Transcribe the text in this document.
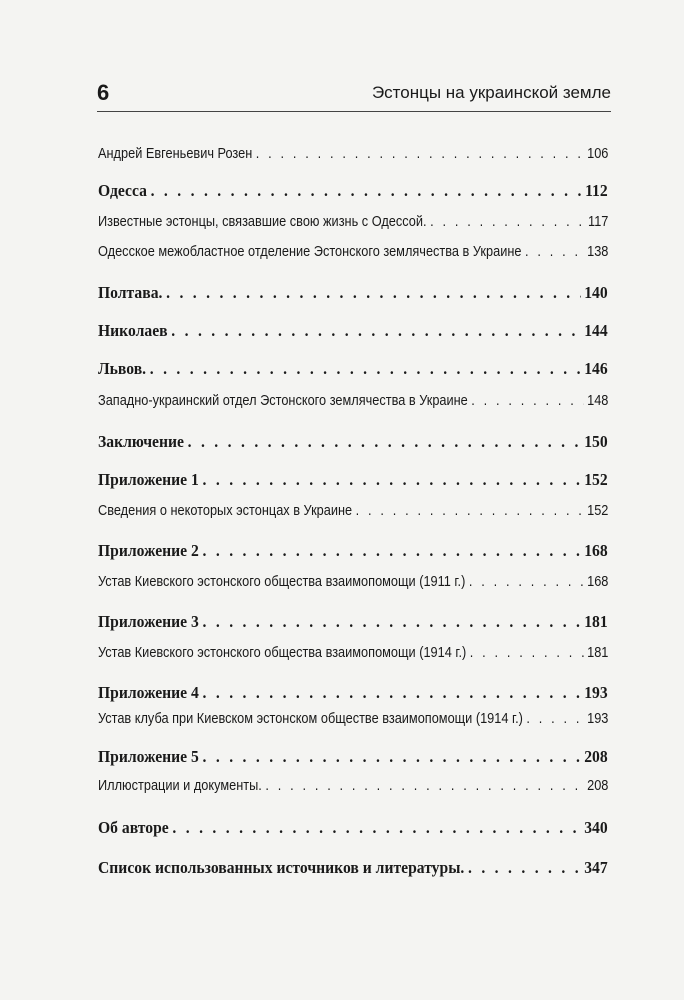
6	Эстонцы на украинской земле
Андрей Евгеньевич Розен . . .	106
Одесса . . .	112
Известные эстонцы, связавшие свою жизнь с Одессой. . . .	117
Одесское межобластное отделение Эстонского землячества в Украине . . .	138
Полтава. . . .	140
Николаев . . .	144
Львов. . . .	146
Западно-украинский отдел Эстонского землячества в Украине . . .	148
Заключение . . .	150
Приложение 1 . . .	152
Сведения о некоторых эстонцах в Украине . . .	152
Приложение 2 . . .	168
Устав Киевского эстонского общества взаимопомощи (1911 г.) . . .	168
Приложение 3 . . .	181
Устав Киевского эстонского общества взаимопомощи (1914 г.) . . .	181
Приложение 4 . . .	193
Устав клуба при Киевском эстонском обществе взаимопомощи (1914 г.) . . .	193
Приложение 5 . . .	208
Иллюстрации и документы. . . .	208
Об авторе . . .	340
Список использованных источников и литературы. . . .	347
